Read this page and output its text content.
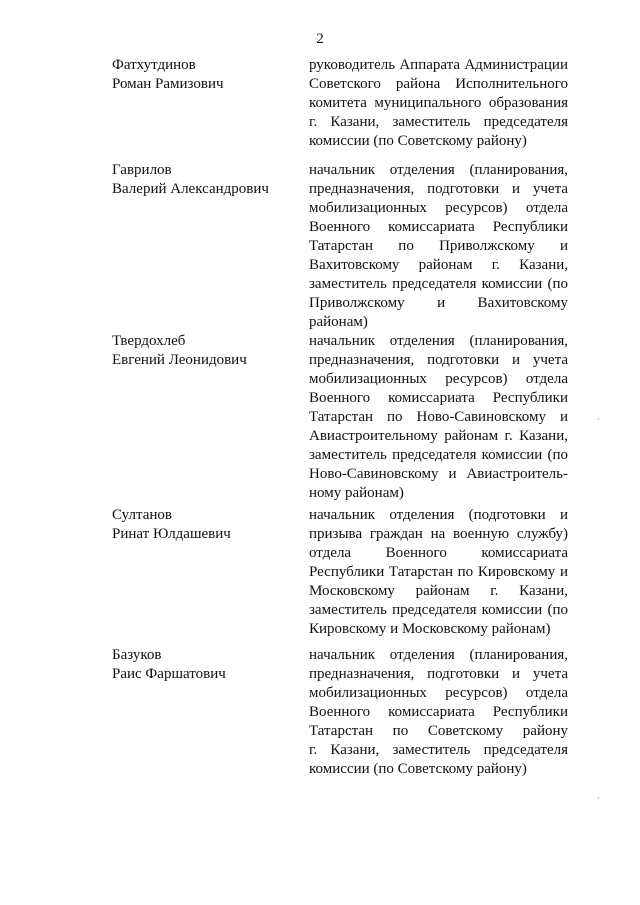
2
Фатхутдинов
Роман Рамизович
руководитель Аппарата Администрации
Советского района Исполнительного
комитета муниципального образования
г. Казани, заместитель председателя
комиссии (по Советскому району)
Гаврилов
Валерий Александрович
начальник отделения (планирования,
предназначения, подготовки и учета
мобилизационных ресурсов) отдела
Военного комиссариата Республики
Татарстан по Приволжскому и
Вахитовскому районам г. Казани,
заместитель председателя комиссии (по
Приволжскому и Вахитовскому
районам)
Твердохлеб
Евгений Леонидович
начальник отделения (планирования,
предназначения, подготовки и учета
мобилизационных ресурсов) отдела
Военного комиссариата Республики
Татарстан по Ново-Савиновскому и
Авиастроительному районам г. Казани,
заместитель председателя комиссии (по
Ново-Савиновскому и Авиастроитель-
ному районам)
Султанов
Ринат Юлдашевич
начальник отделения (подготовки и
призыва граждан на военную службу)
отдела Военного комиссариата
Республики Татарстан по Кировскому и
Московскому районам г. Казани,
заместитель председателя комиссии (по
Кировскому и Московскому районам)
Базуков
Раис Фаршатович
начальник отделения (планирования,
предназначения, подготовки и учета
мобилизационных ресурсов) отдела
Военного комиссариата Республики
Татарстан по Советскому району
г. Казани, заместитель председателя
комиссии (по Советскому району)
